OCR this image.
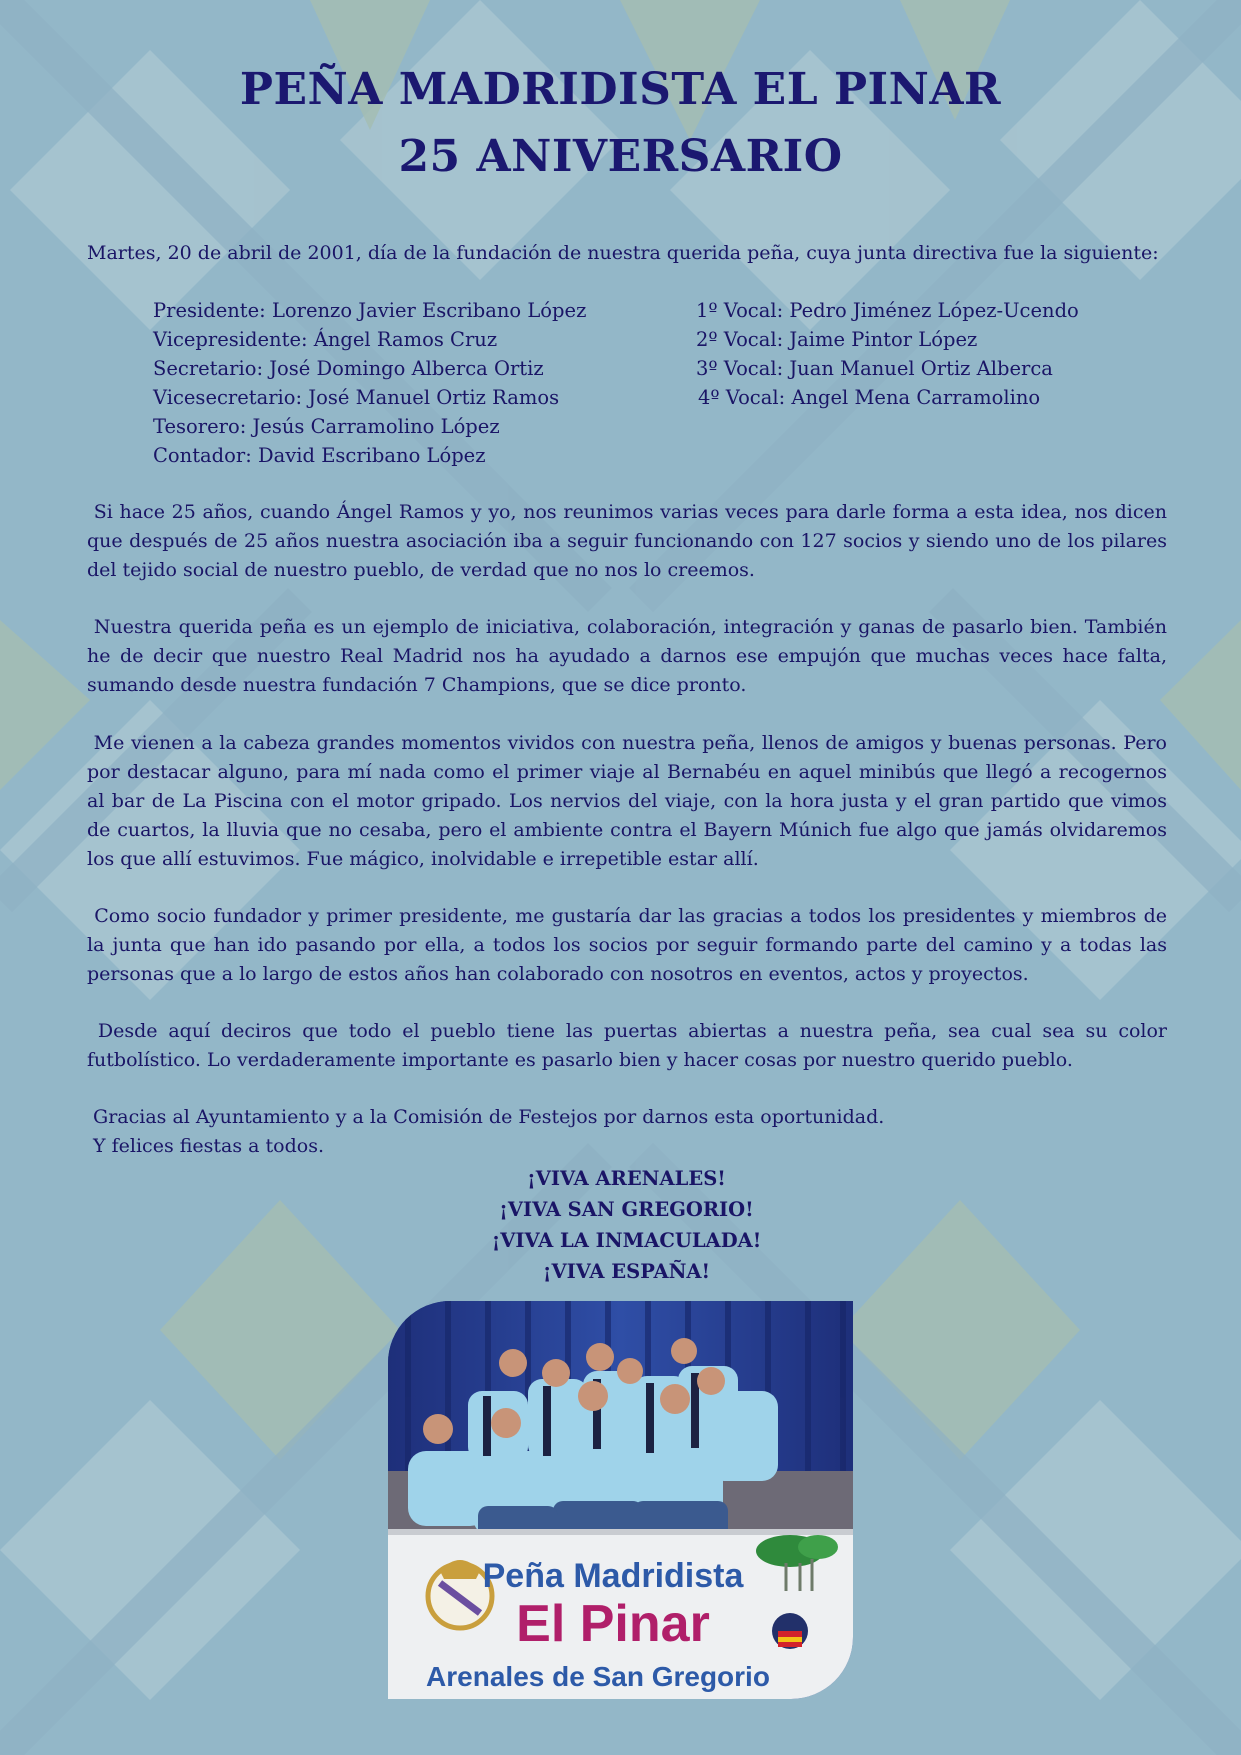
PEÑA MADRIDISTA EL PINAR
25 ANIVERSARIO

Martes, 20 de abril de 2001, día de la fundación de nuestra querida peña, cuya junta directiva fue la siguiente:

Presidente: Lorenzo Javier Escribano López
Vicepresidente: Ángel Ramos Cruz
Secretario: José Domingo Alberca Ortiz
Vicesecretario: José Manuel Ortiz Ramos
Tesorero: Jesús Carramolino López
Contador: David Escribano López
1º Vocal: Pedro Jiménez López-Ucendo
2º Vocal: Jaime Pintor López
3º Vocal: Juan Manuel Ortiz Alberca
4º Vocal: Angel Mena Carramolino

Si hace 25 años, cuando Ángel Ramos y yo, nos reunimos varias veces para darle forma a esta idea, nos dicen que después de 25 años nuestra asociación iba a seguir funcionando con 127 socios y siendo uno de los pilares del tejido social de nuestro pueblo, de verdad que no nos lo creemos.

Nuestra querida peña es un ejemplo de iniciativa, colaboración, integración y ganas de pasarlo bien. También he de decir que nuestro Real Madrid nos ha ayudado a darnos ese empujón que muchas veces hace falta, sumando desde nuestra fundación 7 Champions, que se dice pronto.

Me vienen a la cabeza grandes momentos vividos con nuestra peña, llenos de amigos y buenas personas. Pero por destacar alguno, para mí nada como el primer viaje al Bernabéu en aquel minibús que llegó a recogernos al bar de La Piscina con el motor gripado. Los nervios del viaje, con la hora justa y el gran partido que vimos de cuartos, la lluvia que no cesaba, pero el ambiente contra el Bayern Múnich fue algo que jamás olvidaremos los que allí estuvimos. Fue mágico, inolvidable e irrepetible estar allí.

Como socio fundador y primer presidente, me gustaría dar las gracias a todos los presidentes y miembros de la junta que han ido pasando por ella, a todos los socios por seguir formando parte del camino y a todas las personas que a lo largo de estos años han colaborado con nosotros en eventos, actos y proyectos.

Desde aquí deciros que todo el pueblo tiene las puertas abiertas a nuestra peña, sea cual sea su color futbolístico. Lo verdaderamente importante es pasarlo bien y hacer cosas por nuestro querido pueblo.

Gracias al Ayuntamiento y a la Comisión de Festejos por darnos esta oportunidad.
Y felices fiestas a todos.
¡VIVA ARENALES!
¡VIVA SAN GREGORIO!
¡VIVA LA INMACULADA!
¡VIVA ESPAÑA!
Peña Madridista
El Pinar
Arenales de San Gregorio
